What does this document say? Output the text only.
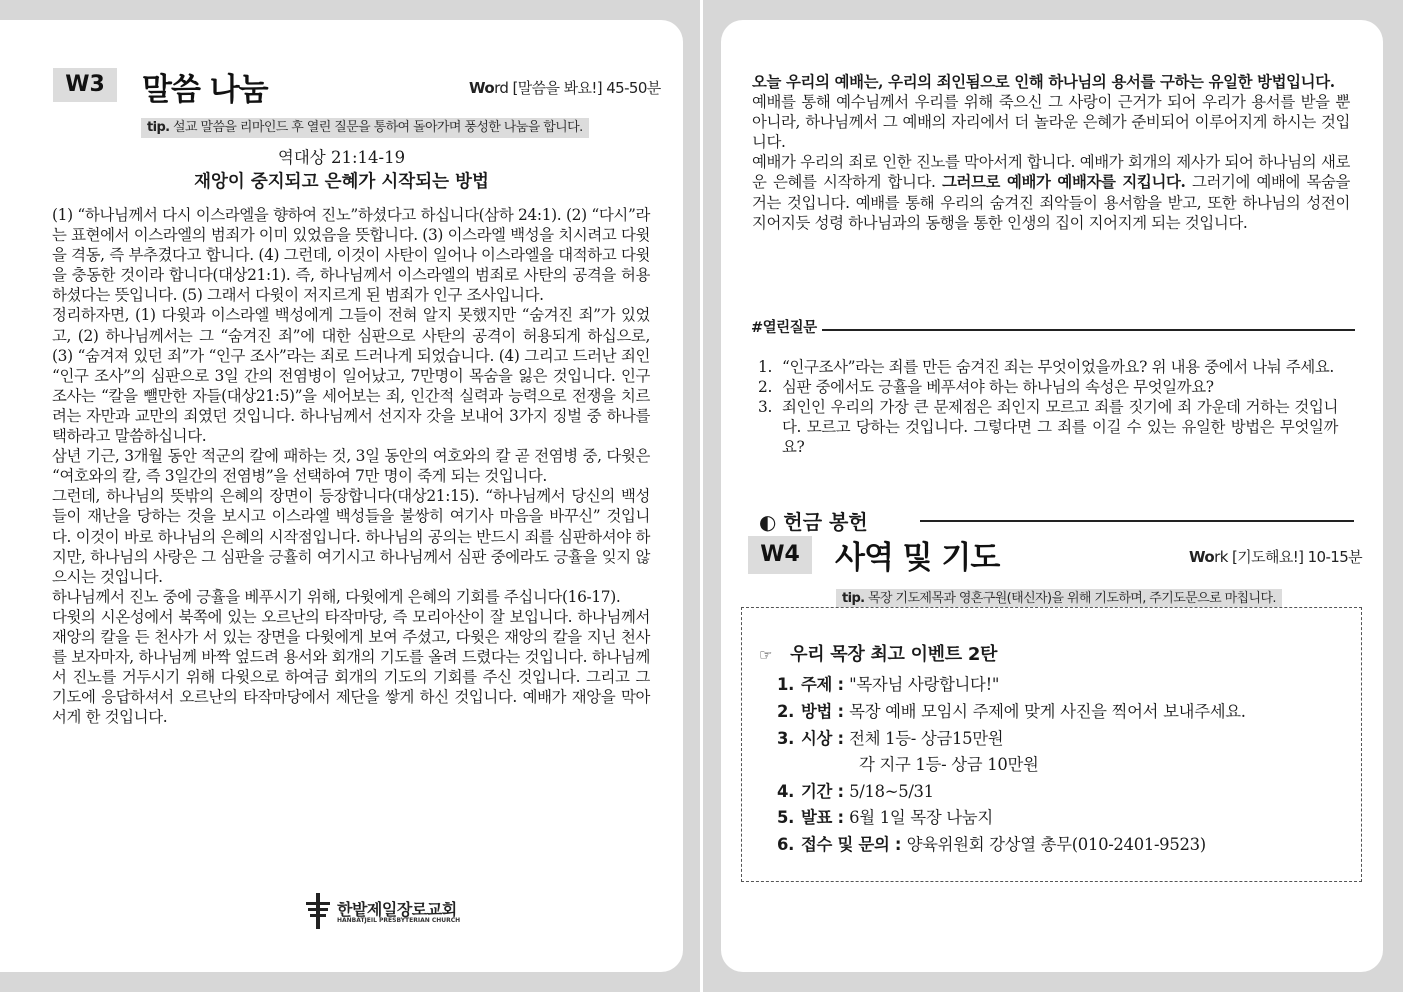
W3	말씀 나눔	Word [말씀을 봐요!] 45-50분
tip. 설교 말씀을 리마인드 후 열린 질문을 통하여 돌아가며 풍성한 나눔을 합니다.
역대상 21:14-19
재앙이 중지되고 은혜가 시작되는 방법

(1) “하나님께서 다시 이스라엘을 향하여 진노”하셨다고 하십니다(삼하 24:1). (2) “다시”라는 표현에서 이스라엘의 범죄가 이미 있었음을 뜻합니다. (3) 이스라엘 백성을 치시려고 다윗을 격동, 즉 부추겼다고 합니다. (4) 그런데, 이것이 사탄이 일어나 이스라엘을 대적하고 다윗을 충동한 것이라 합니다(대상21:1). 즉, 하나님께서 이스라엘의 범죄로 사탄의 공격을 허용하셨다는 뜻입니다. (5) 그래서 다윗이 저지르게 된 범죄가 인구 조사입니다.

정리하자면, (1) 다윗과 이스라엘 백성에게 그들이 전혀 알지 못했지만 “숨겨진 죄”가 있었고, (2) 하나님께서는 그 “숨겨진 죄”에 대한 심판으로 사탄의 공격이 허용되게 하십으로, (3) “숨겨져 있던 죄”가 “인구 조사”라는 죄로 드러나게 되었습니다. (4) 그리고 드러난 죄인 “인구 조사”의 심판으로 3일 간의 전염병이 일어났고, 7만명이 목숨을 잃은 것입니다. 인구조사는 “칼을 뺄만한 자들(대상21:5)”을 세어보는 죄, 인간적 실력과 능력으로 전쟁을 치르려는 자만과 교만의 죄였던 것입니다. 하나님께서 선지자 갓을 보내어 3가지 징벌 중 하나를 택하라고 말씀하십니다.

삼년 기근, 3개월 동안 적군의 칼에 패하는 것, 3일 동안의 여호와의 칼 곧 전염병 중, 다윗은 “여호와의 칼, 즉 3일간의 전염병”을 선택하여 7만 명이 죽게 되는 것입니다.

그런데, 하나님의 뜻밖의 은혜의 장면이 등장합니다(대상21:15). “하나님께서 당신의 백성들이 재난을 당하는 것을 보시고 이스라엘 백성들을 불쌍히 여기사 마음을 바꾸신” 것입니다. 이것이 바로 하나님의 은혜의 시작점입니다. 하나님의 공의는 반드시 죄를 심판하셔야 하지만, 하나님의 사랑은 그 심판을 긍휼히 여기시고 하나님께서 심판 중에라도 긍휼을 잊지 않으시는 것입니다.

하나님께서 진노 중에 긍휼을 베푸시기 위해, 다윗에게 은혜의 기회를 주십니다(16-17).

다윗의 시온성에서 북쪽에 있는 오르난의 타작마당, 즉 모리아산이 잘 보입니다. 하나님께서 재앙의 칼을 든 천사가 서 있는 장면을 다윗에게 보여 주셨고, 다윗은 재앙의 칼을 지닌 천사를 보자마자, 하나님께 바짝 엎드려 용서와 회개의 기도를 올려 드렸다는 것입니다. 하나님께서 진노를 거두시기 위해 다윗으로 하여금 회개의 기도의 기회를 주신 것입니다. 그리고 그 기도에 응답하셔서 오르난의 타작마당에서 제단을 쌓게 하신 것입니다. 예배가 재앙을 막아서게 한 것입니다.

한밭제일장로교회
HANBATJEIL PRESBYTERIAN CHURCH

오늘 우리의 예배는, 우리의 죄인됨으로 인해 하나님의 용서를 구하는 유일한 방법입니다.

예배를 통해 예수님께서 우리를 위해 죽으신 그 사랑이 근거가 되어 우리가 용서를 받을 뿐 아니라, 하나님께서 그 예배의 자리에서 더 놀라운 은혜가 준비되어 이루어지게 하시는 것입니다.

예배가 우리의 죄로 인한 진노를 막아서게 합니다. 예배가 회개의 제사가 되어 하나님의 새로운 은혜를 시작하게 합니다. 그러므로 예배가 예배자를 지킵니다. 그러기에 예배에 목숨을 거는 것입니다. 예배를 통해 우리의 숨겨진 죄악들이 용서함을 받고, 또한 하나님의 성전이 지어지듯 성령 하나님과의 동행을 통한 인생의 집이 지어지게 되는 것입니다.

#열린질문
1. “인구조사”라는 죄를 만든 숨겨진 죄는 무엇이었을까요? 위 내용 중에서 나눠 주세요.
2. 심판 중에서도 긍휼을 베푸셔야 하는 하나님의 속성은 무엇일까요?
3. 죄인인 우리의 가장 큰 문제점은 죄인지 모르고 죄를 짓기에 죄 가운데 거하는 것입니다. 모르고 당하는 것입니다. 그렇다면 그 죄를 이길 수 있는 유일한 방법은 무엇일까요?
◐ 헌금 봉헌
W4	사역 및 기도	Work [기도해요!] 10-15분
tip. 목장 기도제목과 영혼구원(태신자)을 위해 기도하며, 주기도문으로 마칩니다.
☞ 우리 목장 최고 이벤트 2탄
1. 주제 : "목자님 사랑합니다!"
2. 방법 : 목장 예배 모임시 주제에 맞게 사진을 찍어서 보내주세요.
3. 시상 : 전체 1등- 상금15만원
각 지구 1등- 상금 10만원
4. 기간 : 5/18~5/31
5. 발표 : 6월 1일 목장 나눔지
6. 접수 및 문의 : 양육위원회 강상열 총무(010-2401-9523)
